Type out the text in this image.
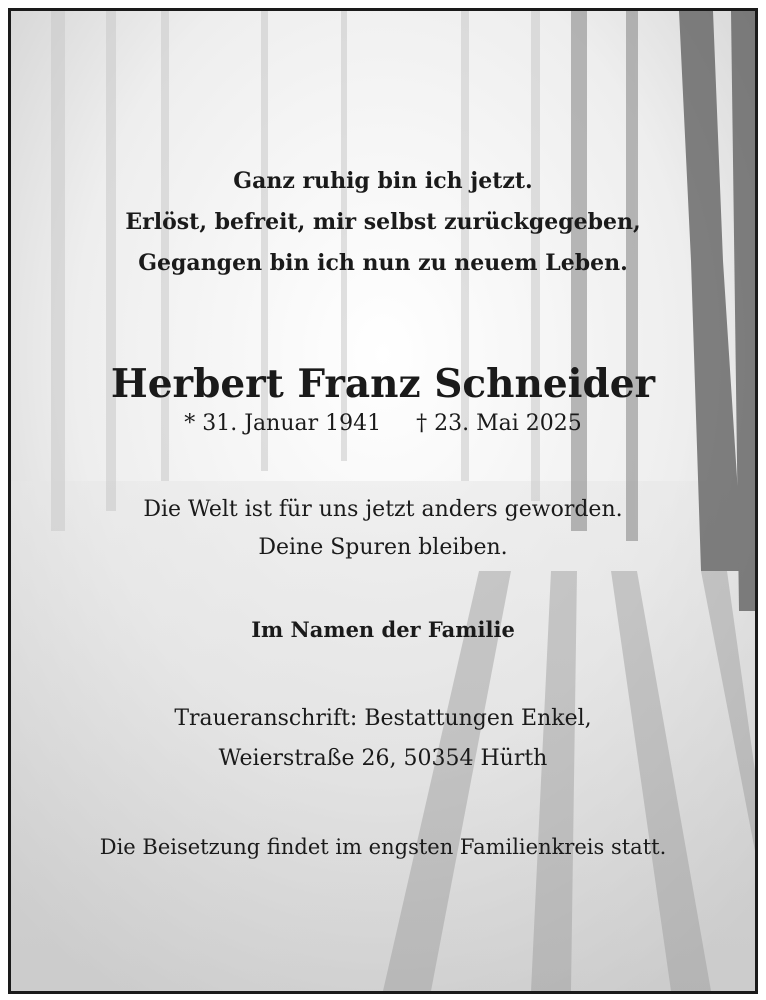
Ganz ruhig bin ich jetzt.
Erlöst, befreit, mir selbst zurückgegeben,
Gegangen bin ich nun zu neuem Leben.
Herbert Franz Schneider
* 31. Januar 1941 † 23. Mai 2025
Die Welt ist für uns jetzt anders geworden.
Deine Spuren bleiben.
Im Namen der Familie
Traueranschrift: Bestattungen Enkel,
Weierstraße 26, 50354 Hürth
Die Beisetzung findet im engsten Familienkreis statt.
